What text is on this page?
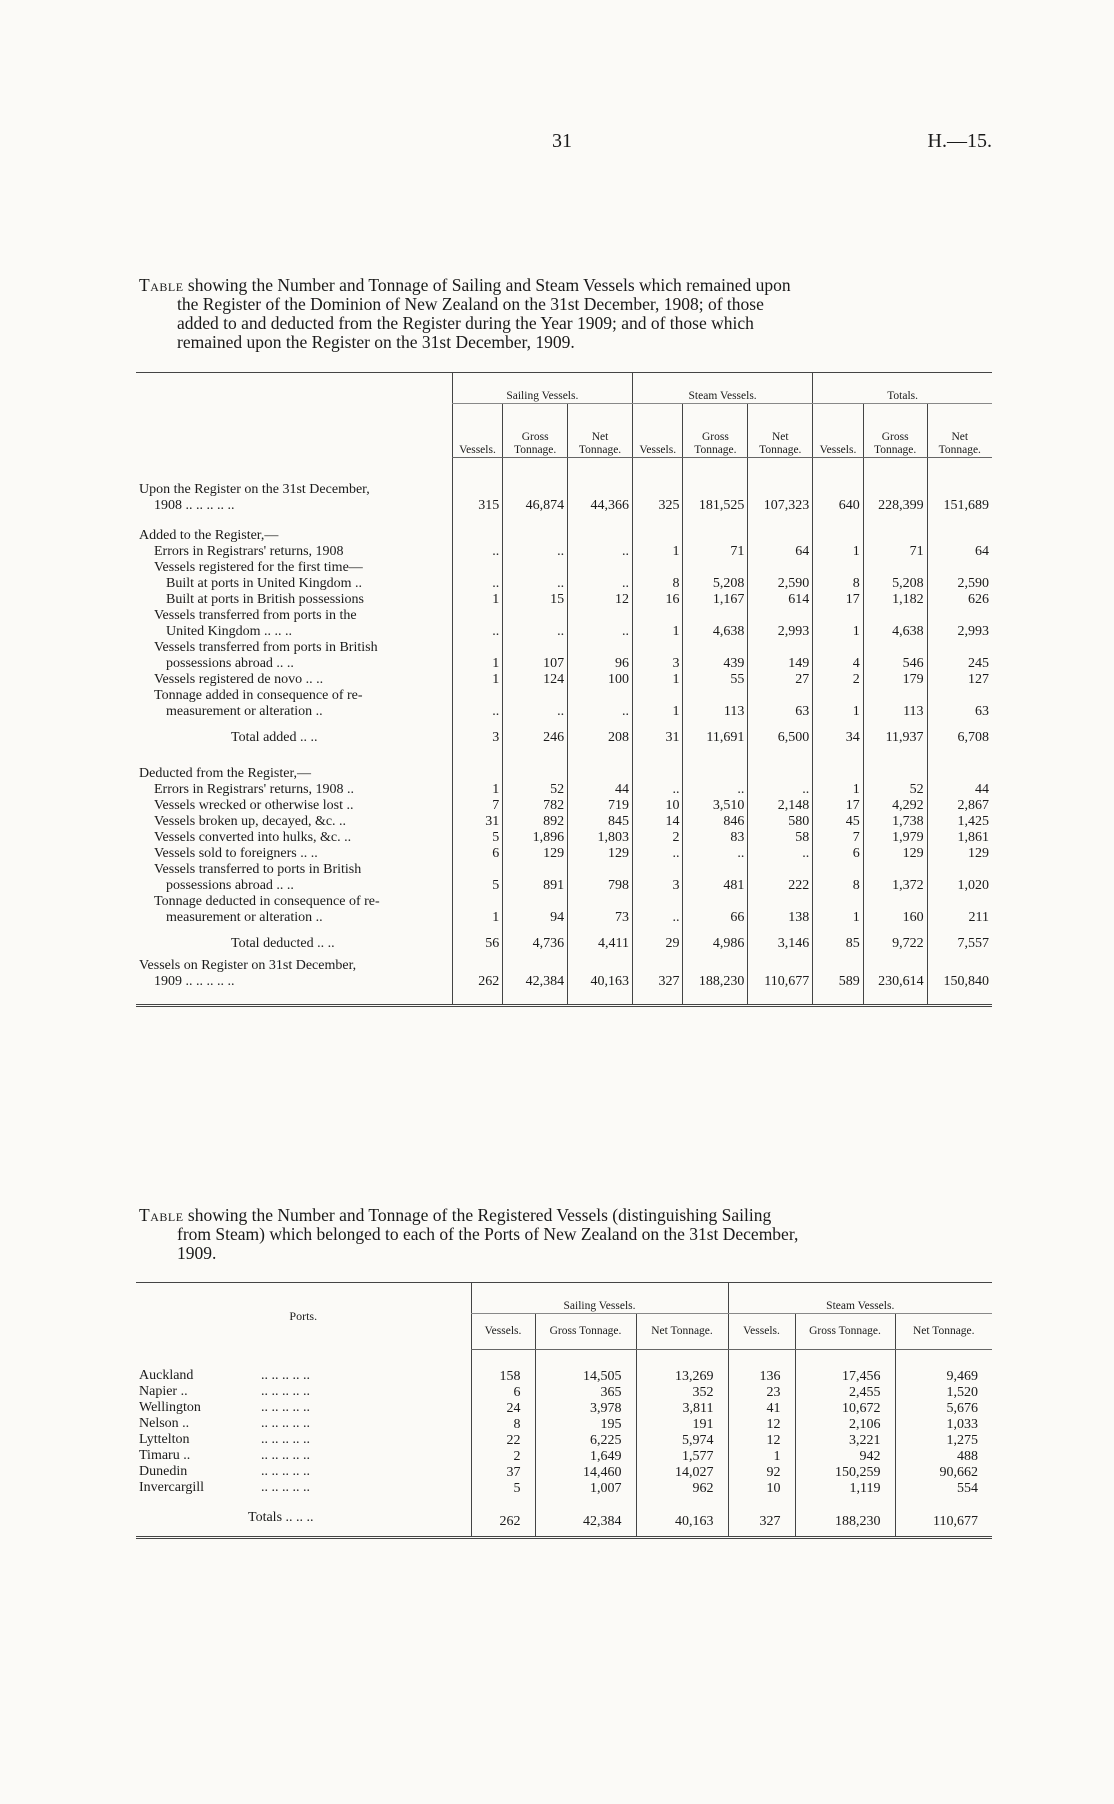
31	H.—15.
Table showing the Number and Tonnage of Sailing and Steam Vessels which remained upon
the Register of the Dominion of New Zealand on the 31st December, 1908; of those
added to and deducted from the Register during the Year 1909; and of those which
remained upon the Register on the 31st December, 1909.
	Sailing Vessels.			Steam Vessels.			Totals.		
	Vessels.	Gross Tonnage.	Net Tonnage.	Vessels.	Gross Tonnage.	Net Tonnage.	Vessels.	Gross Tonnage.	Net Tonnage.

Upon the Register on the 31st December,									
1908 .. .. .. .. ..	315	46,874	44,366	325	181,525	107,323	640	228,399	151,689

Added to the Register,—									
Errors in Registrars' returns, 1908	..	..	..	1	71	64	1	71	64
Vessels registered for the first time—									
Built at ports in United Kingdom ..	..	..	..	8	5,208	2,590	8	5,208	2,590
Built at ports in British possessions	1	15	12	16	1,167	614	17	1,182	626
Vessels transferred from ports in the									
United Kingdom .. .. ..	..	..	..	1	4,638	2,993	1	4,638	2,993
Vessels transferred from ports in British									
possessions abroad .. ..	1	107	96	3	439	149	4	546	245
Vessels registered de novo .. ..	1	124	100	1	55	27	2	179	127
Tonnage added in consequence of re-									
measurement or alteration ..	..	..	..	1	113	63	1	113	63
Total added .. ..	3	246	208	31	11,691	6,500	34	11,937	6,708

Deducted from the Register,—									
Errors in Registrars' returns, 1908 ..	1	52	44	..	..	..	1	52	44
Vessels wrecked or otherwise lost ..	7	782	719	10	3,510	2,148	17	4,292	2,867
Vessels broken up, decayed, &c. ..	31	892	845	14	846	580	45	1,738	1,425
Vessels converted into hulks, &c. ..	5	1,896	1,803	2	83	58	7	1,979	1,861
Vessels sold to foreigners .. ..	6	129	129	..	..	..	6	129	129
Vessels transferred to ports in British									
possessions abroad .. ..	5	891	798	3	481	222	8	1,372	1,020
Tonnage deducted in consequence of re-									
measurement or alteration ..	1	94	73	..	66	138	1	160	211
Total deducted .. ..	56	4,736	4,411	29	4,986	3,146	85	9,722	7,557
Vessels on Register on 31st December,									
1909 .. .. .. .. ..	262	42,384	40,163	327	188,230	110,677	589	230,614	150,840
Table showing the Number and Tonnage of the Registered Vessels (distinguishing Sailing
from Steam) which belonged to each of the Ports of New Zealand on the 31st December,
1909.
Ports.	Sailing Vessels.			Steam Vessels.		
	Vessels.	Gross Tonnage.	Net Tonnage.	Vessels.	Gross Tonnage.	Net Tonnage.

Auckland .. .. .. .. ..	158	14,505	13,269	136	17,456	9,469
Napier .. .. .. .. .. ..	6	365	352	23	2,455	1,520
Wellington .. .. .. .. ..	24	3,978	3,811	41	10,672	5,676
Nelson .. .. .. .. .. ..	8	195	191	12	2,106	1,033
Lyttelton .. .. .. .. ..	22	6,225	5,974	12	3,221	1,275
Timaru .. .. .. .. .. ..	2	1,649	1,577	1	942	488
Dunedin .. .. .. .. ..	37	14,460	14,027	92	150,259	90,662
Invercargill .. .. .. .. ..	5	1,007	962	10	1,119	554
Totals .. .. ..	262	42,384	40,163	327	188,230	110,677
